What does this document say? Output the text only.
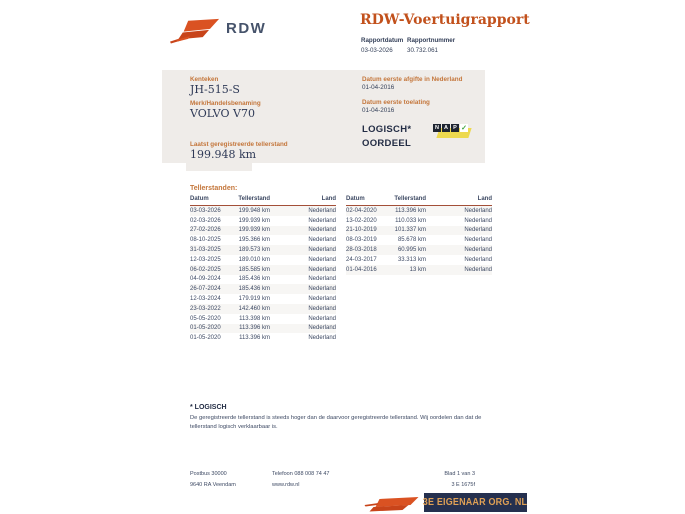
RDW	RDW-Voertuigrapport
Rapportdatum
03-03-2026
Rapportnummer
30.732.061
Kenteken
JH-515-S
Merk/Handelsbenaming
VOLVO V70
Laatst geregistreerde tellerstand
199.948 km
Datum eerste afgifte in Nederland
01-04-2016
Datum eerste toelating
01-04-2016
LOGISCH*
OORDEEL
N A P ✓
Tellerstanden:
Datum	Tellerstand	Land
03-03-2026	199.948 km	Nederland
02-03-2026	199.939 km	Nederland
27-02-2026	199.939 km	Nederland
08-10-2025	195.366 km	Nederland
31-03-2025	189.573 km	Nederland
12-03-2025	189.010 km	Nederland
06-02-2025	185.585 km	Nederland
04-09-2024	185.436 km	Nederland
26-07-2024	185.436 km	Nederland
12-03-2024	179.919 km	Nederland
23-03-2022	142.460 km	Nederland
05-05-2020	113.398 km	Nederland
01-05-2020	113.396 km	Nederland
01-05-2020	113.396 km	Nederland
Datum	Tellerstand	Land
02-04-2020	113.396 km	Nederland
13-02-2020	110.033 km	Nederland
21-10-2019	101.337 km	Nederland
08-03-2019	85.678 km	Nederland
28-03-2018	60.995 km	Nederland
24-03-2017	33.313 km	Nederland
01-04-2016	13 km	Nederland
* LOGISCH
De geregistreerde tellerstand is steeds hoger dan de daarvoor geregistreerde tellerstand. Wij oordelen dan dat de tellerstand logisch verklaarbaar is.
Postbus 30000
9640 RA Veendam
Telefoon 088 008 74 47
www.rdw.nl
Blad 1 van 3
3 E 1675f
3E EIGENAAR ORG. NL
